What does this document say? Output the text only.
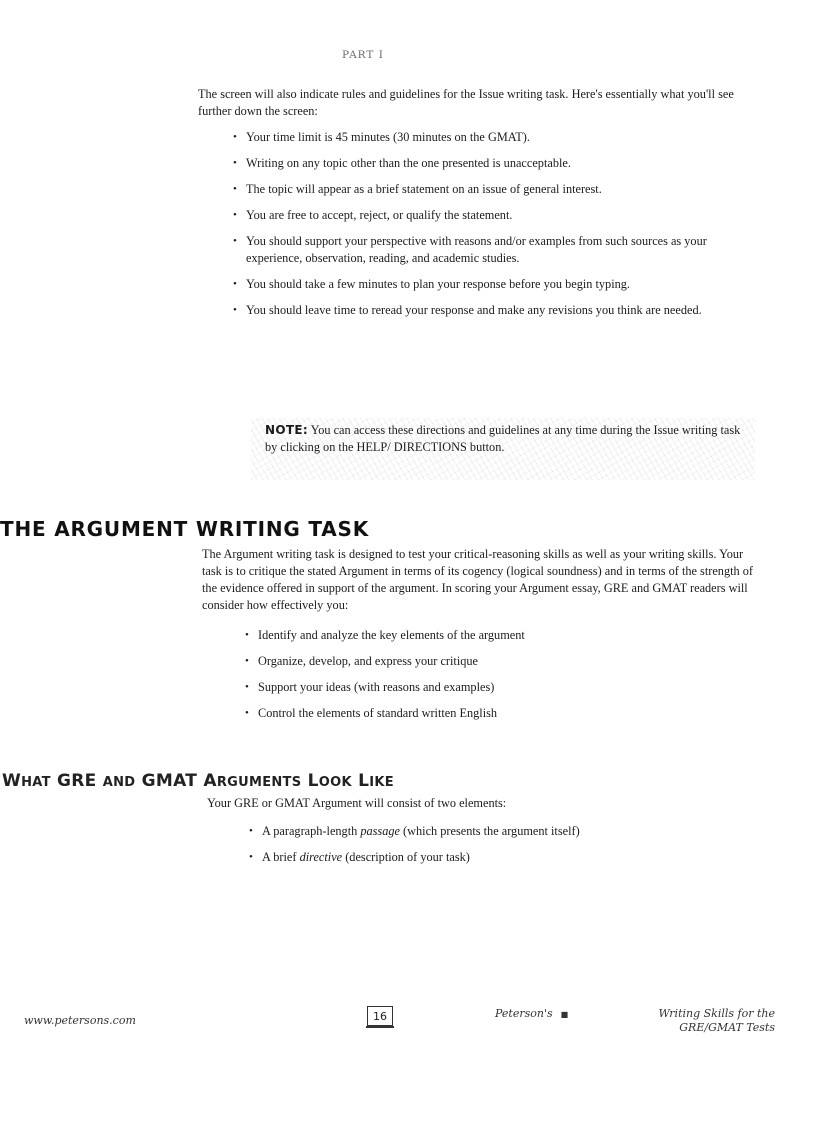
PART I

The screen will also indicate rules and guidelines for the Issue writing task. Here's essentially what you'll see further down the screen:

• Your time limit is 45 minutes (30 minutes on the GMAT).
• Writing on any topic other than the one presented is unacceptable.
• The topic will appear as a brief statement on an issue of general interest.
• You are free to accept, reject, or qualify the statement.
• You should support your perspective with reasons and/or examples from such sources as your experience, observation, reading, and academic studies.
• You should take a few minutes to plan your response before you begin typing.
• You should leave time to reread your response and make any revisions you think are needed.
NOTE: You can access these directions and guidelines at any time during the Issue writing task by clicking on the HELP/ DIRECTIONS button.
THE ARGUMENT WRITING TASK

The Argument writing task is designed to test your critical-reasoning skills as well as your writing skills. Your task is to critique the stated Argument in terms of its cogency (logical soundness) and in terms of the strength of the evidence offered in support of the argument. In scoring your Argument essay, GRE and GMAT readers will consider how effectively you:

• Identify and analyze the key elements of the argument
• Organize, develop, and express your critique
• Support your ideas (with reasons and examples)
• Control the elements of standard written English
WHAT GRE AND GMAT ARGUMENTS LOOK LIKE

Your GRE or GMAT Argument will consist of two elements:

• A paragraph-length passage (which presents the argument itself)
• A brief directive (description of your task)
www.petersons.com	16	Peterson's ■	Writing Skills for the
GRE/GMAT Tests
